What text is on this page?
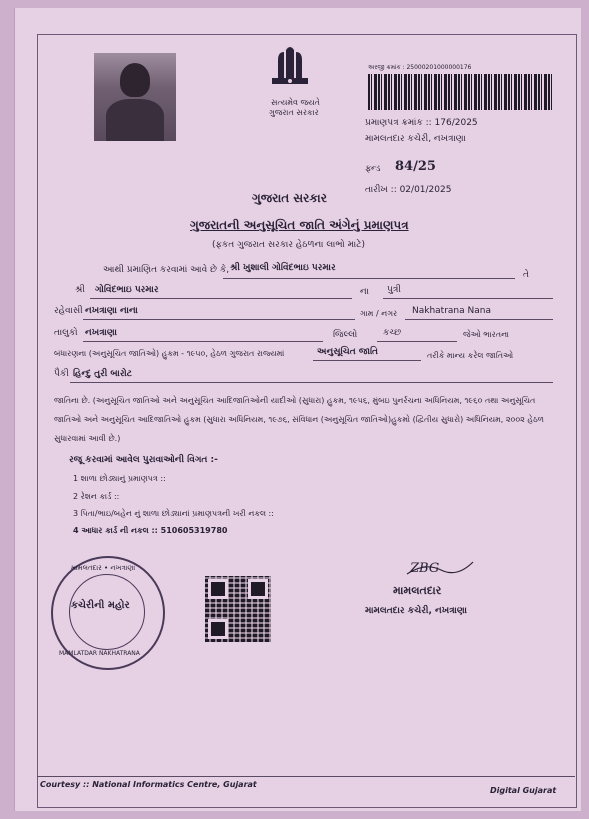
સત્યમેવ જયતે
ગુજરાત સરકાર
અરજી ક્રમાંક : 25000201000000176
પ્રમાણપત્ર ક્રમાંક :: 176/2025
મામલતદાર કચેરી, નખત્રાણા
ફ્ન્ડ 84/25
તારીખ :: 02/01/2025
ગુજરાત સરકાર
ગુજરાતની અનુસૂચિત જાતિ અંગેનું પ્રમાણપત્ર
(ફકત ગુજરાત સરકાર હેઠળના લાભો માટે)
આથી પ્રમાણિત કરવામાં આવે છે કે, શ્રી ખુશાલી ગોવિંદભાઇ પરમાર
તે
શ્રી ગોવિંદભાઇ પરમાર	ના પુત્રી
રહેવાસી નખત્રાણા નાના	ગામ / નગર Nakhatrana Nana
તાલુકો નખત્રાણા	જિલ્લો	કચ્છ	જેઓ ભારતના
બંધારણના (અનુસૂચિત જાતિઓ) હુકમ - ૧૯૫૦, હેઠળ ગુજરાત રાજ્યમાં	અનુસૂચિત જાતિ	તરીકે માન્ય કરેલ જાતિઓ
પૈકી હિન્દુ તુરી બારોટ
જાતિના છે. (અનુસૂચિત જાતિઓ અને અનુસૂચિત આદિજાતિઓની યાદીઓ (સુધારા) હુકમ, ૧૯૫૬, મુંબઇ પુનર્રચના અધિનિયમ, ૧૯૬૦ તથા અનુસૂચિત જાતિઓ અને અનુસૂચિત આદિજાતિઓ હુકમ (સુધારા અધિનિયમ, ૧૯૭૬, સંવિધાન (અનુસૂચિત જાતિઓ)હુકમો (દ્વિતીય સુધારો) અધિનિયમ, ૨૦૦૨ હેઠળ સુધારવામાં આવી છે.)
રજૂ કરવામાં આવેલ પુરાવાઓની વિગત :-
1 શાળા છોડ્યાનું પ્રમાણપત્ર ::
2 રેશન કાર્ડ ::
3 પિતા/ભાઇ/બહેન નું શાળા છોડ્યાનાં પ્રમાણપત્રની ખરી નકલ ::
4 આધાર કાર્ડ ની નકલ :: 510605319780
મામલતદાર • નખત્રાણા
કચેરીની મહોર
MAMLATDAR NAKHATRANA
ZBG
મામલતદાર
મામલતદાર કચેરી, નખત્રાણા
Courtesy :: National Informatics Centre, Gujarat
Digital Gujarat
